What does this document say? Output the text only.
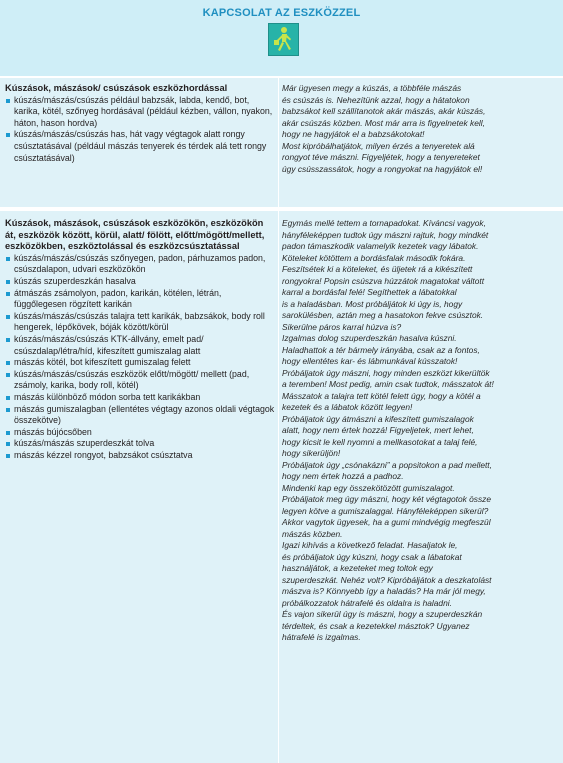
KAPCSOLAT AZ ESZKÖZZEL
Kúszások, mászások/ csúszások eszközhordással
kúszás/mászás/csúszás például babzsák, labda, kendő, bot, karika, kötél, szőnyeg hordásával (például kézben, vállon, nyakon, háton, hason hordva)
kúszás/mászás/csúszás has, hát vagy végtagok alatt rongy csúsztatásával (például mászás tenyerek és térdek alá tett rongy csúsztatásával)
Már ügyesen megy a kúszás, a többféle mászás
és csúszás is. Nehezítünk azzal, hogy a hátatokon
babzsákot kell szállítanotok akár mászás, akár kúszás,
akár csúszás közben. Most már arra is figyelnetek kell,
hogy ne hagyjátok el a babzsákotokat!
Most kipróbálhatjátok, milyen érzés a tenyeretek alá
rongyot téve mászni. Figyeljétek, hogy a tenyereteket
úgy csússzassátok, hogy a rongyokat na hagyjátok el!
Kúszások, mászások, csúszások eszközökön, eszközökön át, eszközök között, körül, alatt/ fölött, előtt/mögött/mellett, eszközökben, eszköztolással és eszközcsúsztatással
kúszás/mászás/csúszás szőnyegen, padon, párhuzamos padon, csúszdalapon, udvari eszközökön
kúszás szuperdeszkán hasalva
átmászás zsámolyon, padon, karikán, kötélen, létrán, függőlegesen rögzített karikán
kúszás/mászás/csúszás talajra tett karikák, babzsákok, body roll hengerek, lépőkövek, bóják között/körül
kúszás/mászás/csúszás KTK-állvány, emelt pad/ csúszdalap/létra/híd, kifeszített gumiszalag alatt
mászás kötél, bot kifeszített gumiszalag felett
kúszás/mászás/csúszás eszközök előtt/mögött/ mellett (pad, zsámoly, karika, body roll, kötél)
mászás különböző módon sorba tett karikákban
mászás gumiszalagban (ellentétes végtagy azonos oldali végtagok összekötve)
mászás bújócsőben
kúszás/mászás szuperdeszkát tolva
mászás kézzel rongyot, babzsákot csúsztatva
Egymás mellé tettem a tornapadokat. Kíváncsi vagyok,
hányféleképpen tudtok úgy mászni rajtuk, hogy mindkét
padon támaszkodik valamelyik kezetek vagy lábatok.
Köteleket kötöttem a bordásfalak második fokára.
Feszítsétek ki a köteleket, és üljetek rá a kikészített
rongyokra! Popsin csúszva húzzátok magatokat váltott
karral a bordásfal felé! Segíthettek a lábatokkal
is a haladásban. Most próbáljátok ki úgy is, hogy
sarokülésben, aztán meg a hasatokon fekve csúsztok.
Sikerülne páros karral húzva is?
Izgalmas dolog szuperdeszkán hasalva kúszni.
Haladhattok a tér bármely irányába, csak az a fontos,
hogy ellentétes kar- és lábmunkával kússzatok!
Próbáljatok úgy mászni, hogy minden eszközt kikerültök
a teremben! Most pedig, amin csak tudtok, másszatok át!
Másszatok a talajra tett kötél felett úgy, hogy a kötél a
kezetek és a lábatok között legyen!
Próbáljatok úgy átmászni a kifeszített gumiszalagok
alatt, hogy nem értek hozzá! Figyeljetek, mert lehet,
hogy kicsit le kell nyomni a mellkasotokat a talaj felé,
hogy sikerüljön!
Próbáljatok úgy „csónakázni” a popsitokon a pad mellett,
hogy nem értek hozzá a padhoz.
Mindenki kap egy összekötözött gumiszalagot.
Próbáljatok meg úgy mászni, hogy két végtagotok össze
legyen kötve a gumiszalaggal. Hányféleképpen sikerül?
Akkor vagytok ügyesek, ha a gumi mindvégig megfeszül
mászás közben.
Igazi kihívás a következő feladat. Hasaljatok le,
és próbáljatok úgy kúszni, hogy csak a lábatokat
használjátok, a kezeteket meg toltok egy
szuperdeszkát. Nehéz volt? Kipróbáljátok a deszkatolást
mászva is? Könnyebb így a haladás? Ha már jól megy,
próbálkozzatok hátrafelé és oldalra is haladni.
És vajon sikerül úgy is mászni, hogy a szuperdeszkán
térdeltek, és csak a kezetekkel másztok? Ugyanez
hátrafelé is izgalmas.
